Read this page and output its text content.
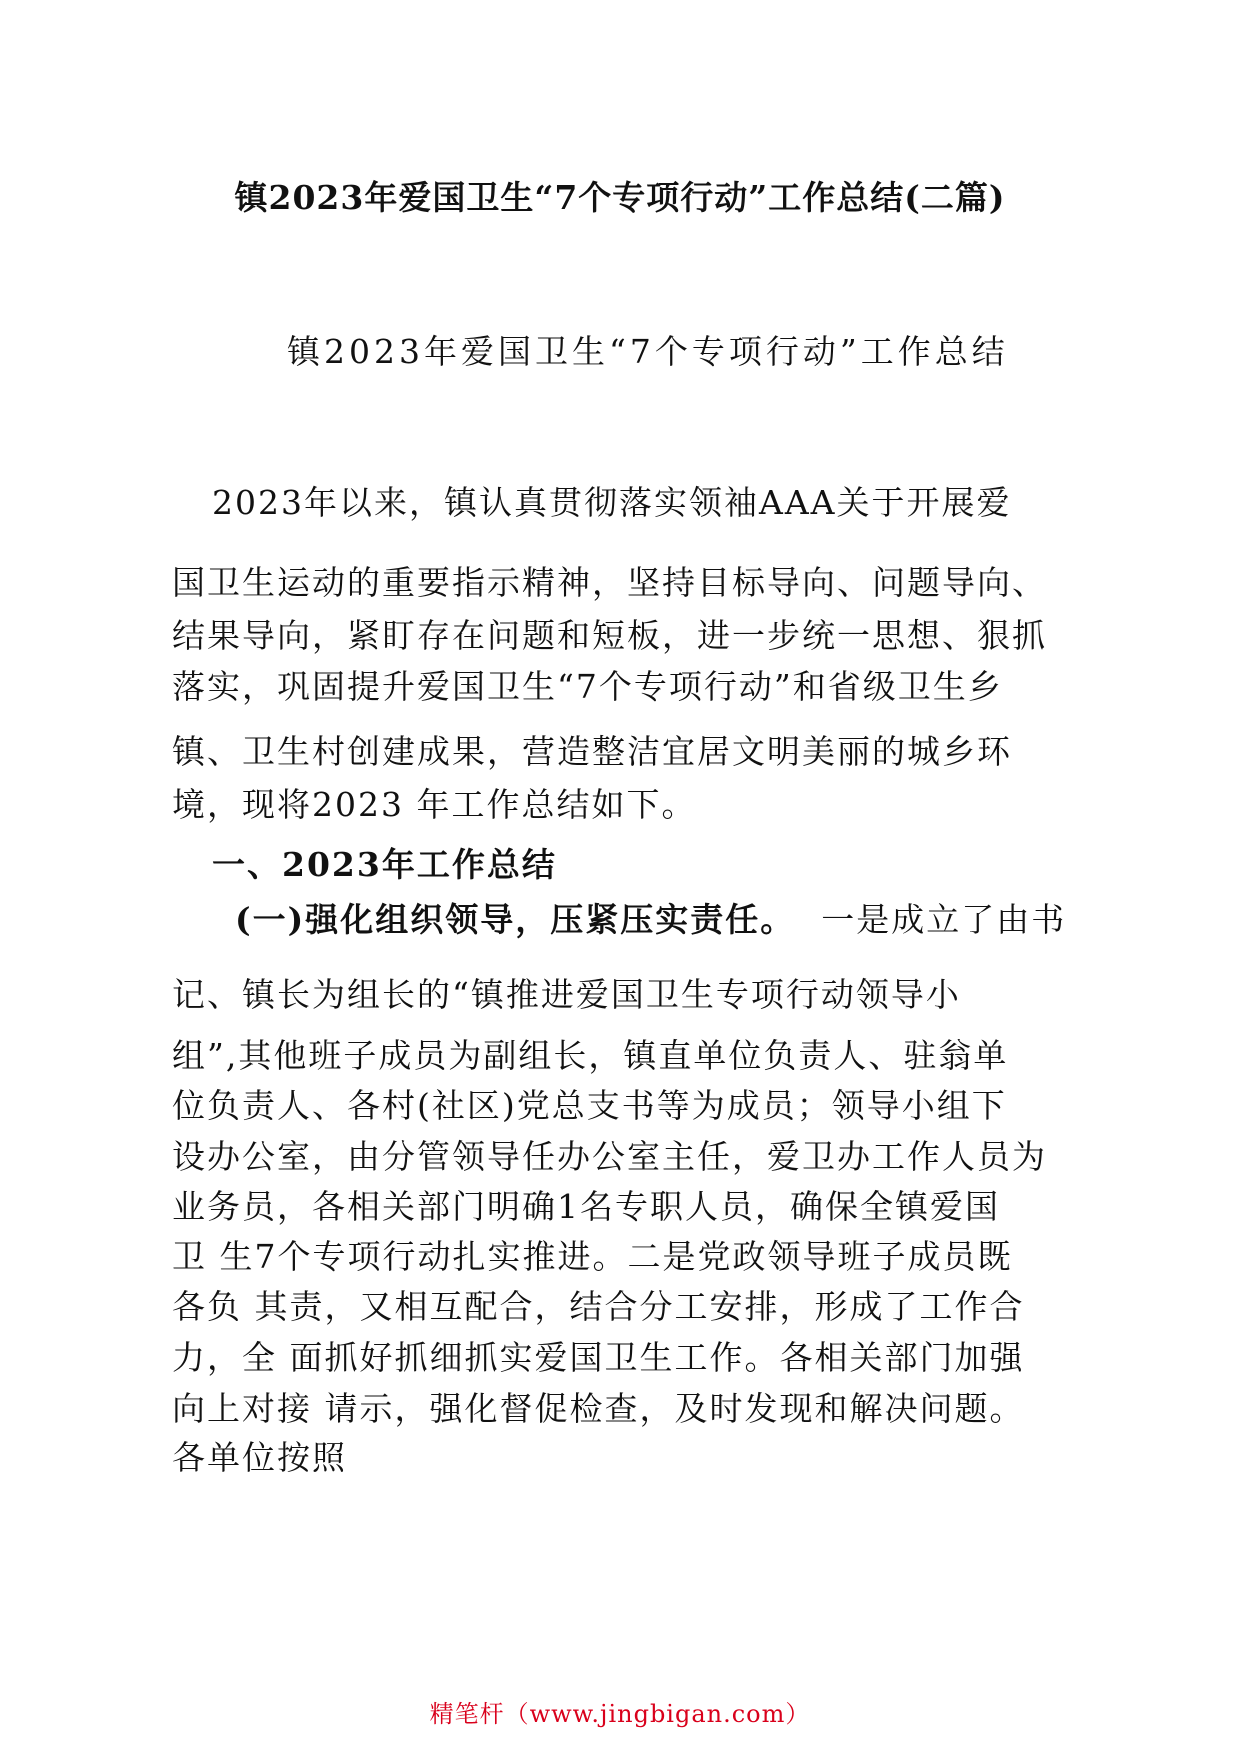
镇2023年爱国卫生“7个专项行动”工作总结(二篇)
镇2023年爱国卫生“7个专项行动”工作总结
2023年以来，镇认真贯彻落实领袖AAA关于开展爱
国卫生运动的重要指示精神，坚持目标导向、问题导向、
结果导向，紧盯存在问题和短板，进一步统一思想、狠抓
落实，巩固提升爱国卫生“7个专项行动”和省级卫生乡
镇、卫生村创建成果，营造整洁宜居文明美丽的城乡环
境，现将2023 年工作总结如下。
一、2023年工作总结
(一)强化组织领导，压紧压实责任。 一是成立了由书
记、镇长为组长的“镇推进爱国卫生专项行动领导小
组”,其他班子成员为副组长，镇直单位负责人、驻翁单
位负责人、各村(社区)党总支书等为成员；领导小组下
设办公室，由分管领导任办公室主任，爱卫办工作人员为
业务员，各相关部门明确1名专职人员，确保全镇爱国
卫 生7个专项行动扎实推进。二是党政领导班子成员既
各负 其责，又相互配合，结合分工安排，形成了工作合
力，全 面抓好抓细抓实爱国卫生工作。各相关部门加强
向上对接 请示，强化督促检查，及时发现和解决问题。
各单位按照
精笔杆（www.jingbigan.com）
